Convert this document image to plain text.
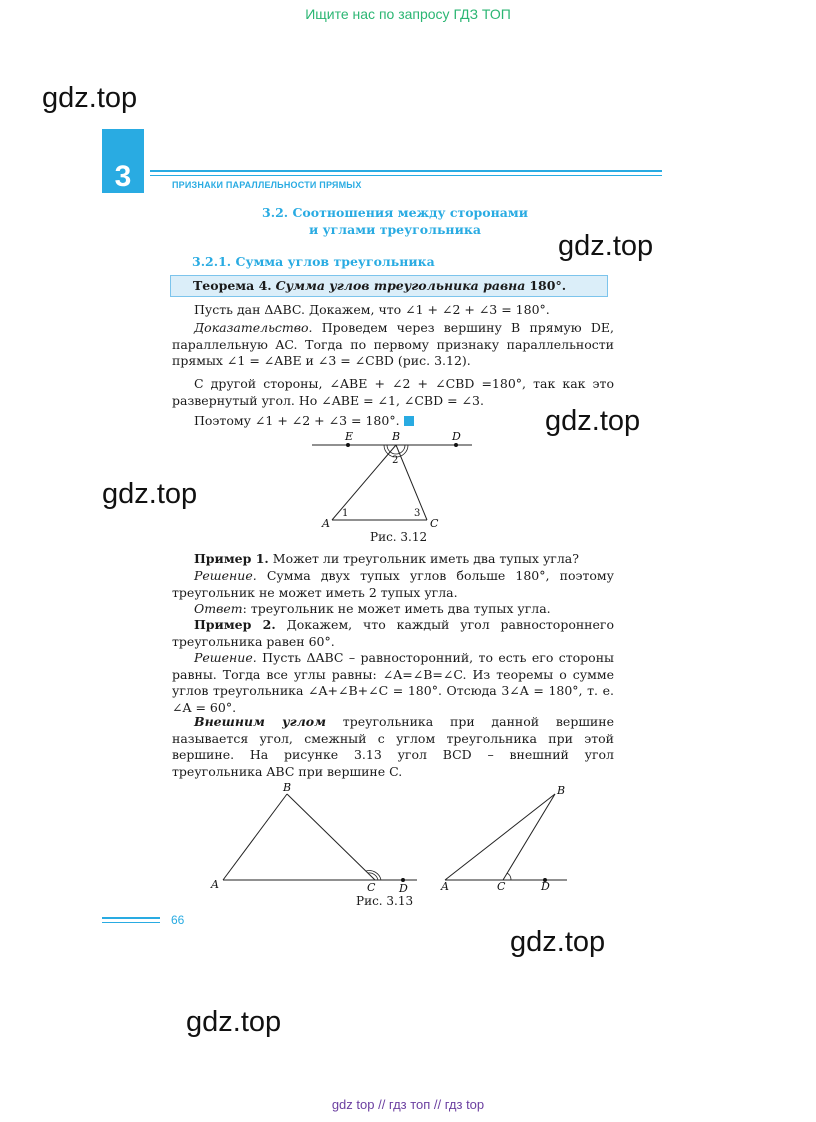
Ищите нас по запросу ГДЗ ТОП
gdz.top
gdz.top
gdz.top
gdz.top
gdz.top
gdz.top
3	ПРИЗНАКИ ПАРАЛЛЕЛЬНОСТИ ПРЯМЫХ
3.2. Соотношения между сторонами
и углами треугольника
3.2.1. Сумма углов треугольника
Теорема 4. Сумма углов треугольника равна 180°.
Пусть дан ΔABC. Докажем, что ∠1 + ∠2 + ∠3 = 180°.
Доказательство. Проведем через вершину B прямую DE, параллельную AC. Тогда по первому признаку параллельности прямых ∠1 = ∠ABE и ∠3 = ∠CBD (рис. 3.12).
С другой стороны, ∠ABE + ∠2 + ∠CBD =180°, так как это развернутый угол. Но ∠ABE = ∠1, ∠CBD = ∠3.
Поэтому ∠1 + ∠2 + ∠3 = 180°.
E	B	D
2
A
1	3
C
Рис. 3.12
Пример 1. Может ли треугольник иметь два тупых угла?
Решение. Сумма двух тупых углов больше 180°, поэтому треугольник не может иметь 2 тупых угла.
Ответ: треугольник не может иметь два тупых угла.
Пример 2. Докажем, что каждый угол равностороннего треугольника равен 60°.
Решение. Пусть ΔABC – равносторонний, то есть его стороны равны. Тогда все углы равны: ∠A=∠B=∠C. Из теоремы о сумме углов треугольника ∠A+∠B+∠C = 180°. Отсюда 3∠A = 180°, т. е. ∠A = 60°.
Внешним углом треугольника при данной вершине называется угол, смежный с углом треугольника при этой вершине. На рисунке 3.13 угол BCD – внешний угол треугольника ABC при вершине C.
B
A	C D
B
A	C	D
Рис. 3.13
66
gdz top // гдз топ // гдз top
